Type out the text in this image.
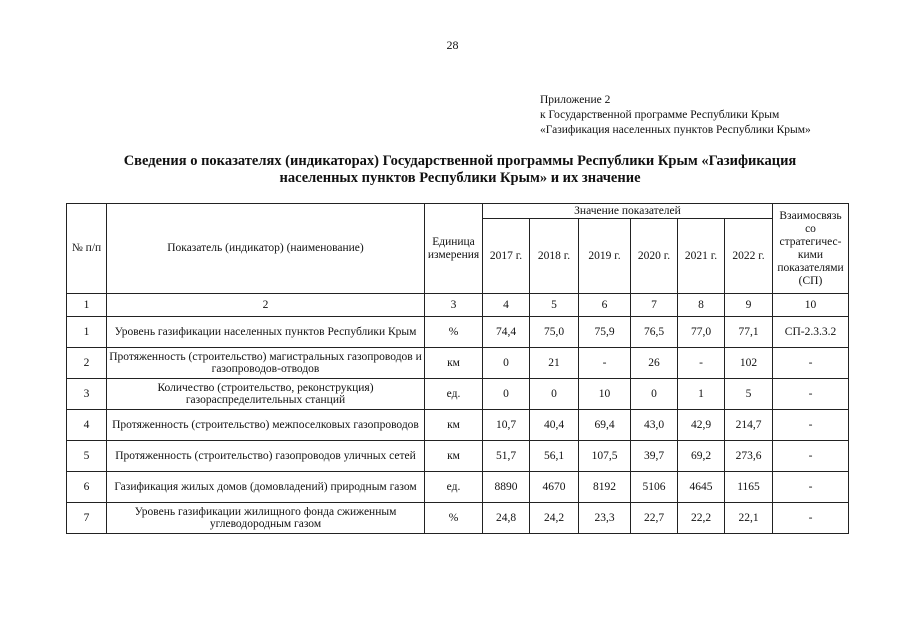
28
Приложение 2
к Государственной программе Республики Крым
«Газификация населенных пунктов Республики Крым»
Сведения о показателях (индикаторах) Государственной программы Республики Крым «Газификация
населенных пунктов Республики Крым» и их значение
№ п/п	Показатель (индикатор) (наименование)	Единица измерения	Значение показателей						Взаимосвязь со стратегичес-кими показателями (СП)
			2017 г.	2018 г.	2019 г.	2020 г.	2021 г.	2022 г.	
1	2	3	4	5	6	7	8	9	10
1	Уровень газификации населенных пунктов Республики Крым	%	74,4	75,0	75,9	76,5	77,0	77,1	СП-2.3.3.2
2	Протяженность (строительство) магистральных газопроводов и газопроводов-отводов	км	0	21	-	26	-	102	-
3	Количество (строительство, реконструкция) газораспределительных станций	ед.	0	0	10	0	1	5	-
4	Протяженность (строительство) межпоселковых газопроводов	км	10,7	40,4	69,4	43,0	42,9	214,7	-
5	Протяженность (строительство) газопроводов уличных сетей	км	51,7	56,1	107,5	39,7	69,2	273,6	-
6	Газификация жилых домов (домовладений) природным газом	ед.	8890	4670	8192	5106	4645	1165	-
7	Уровень газификации жилищного фонда сжиженным углеводородным газом	%	24,8	24,2	23,3	22,7	22,2	22,1	-
